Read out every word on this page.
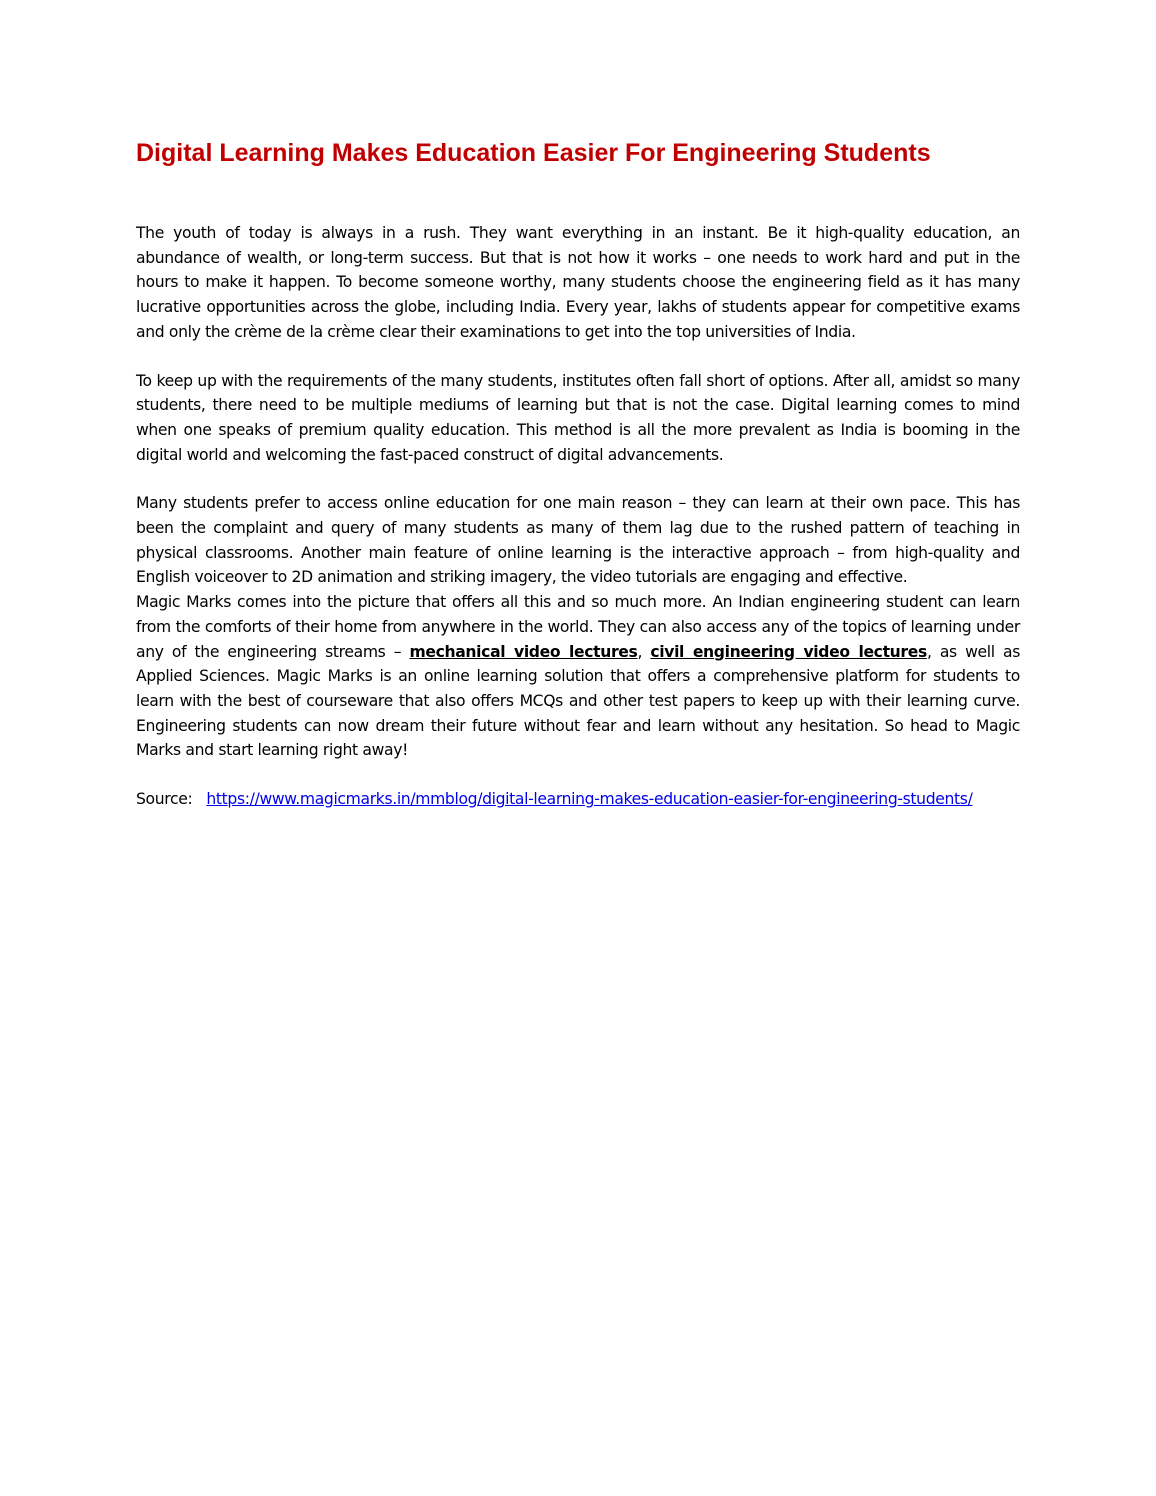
Digital Learning Makes Education Easier For Engineering Students

The youth of today is always in a rush. They want everything in an instant. Be it high-quality education, an abundance of wealth, or long-term success. But that is not how it works – one needs to work hard and put in the hours to make it happen. To become someone worthy, many students choose the engineering field as it has many lucrative opportunities across the globe, including India. Every year, lakhs of students appear for competitive exams and only the crème de la crème clear their examinations to get into the top universities of India.

To keep up with the requirements of the many students, institutes often fall short of options. After all, amidst so many students, there need to be multiple mediums of learning but that is not the case. Digital learning comes to mind when one speaks of premium quality education. This method is all the more prevalent as India is booming in the digital world and welcoming the fast-paced construct of digital advancements.

Many students prefer to access online education for one main reason – they can learn at their own pace. This has been the complaint and query of many students as many of them lag due to the rushed pattern of teaching in physical classrooms. Another main feature of online learning is the interactive approach – from high-quality and English voiceover to 2D animation and striking imagery, the video tutorials are engaging and effective.

Magic Marks comes into the picture that offers all this and so much more. An Indian engineering student can learn from the comforts of their home from anywhere in the world. They can also access any of the topics of learning under any of the engineering streams – mechanical video lectures, civil engineering video lectures, as well as Applied Sciences. Magic Marks is an online learning solution that offers a comprehensive platform for students to learn with the best of courseware that also offers MCQs and other test papers to keep up with their learning curve. Engineering students can now dream their future without fear and learn without any hesitation. So head to Magic Marks and start learning right away!

Source: https://www.magicmarks.in/mmblog/digital-learning-makes-education-easier-for-engineering-students/
